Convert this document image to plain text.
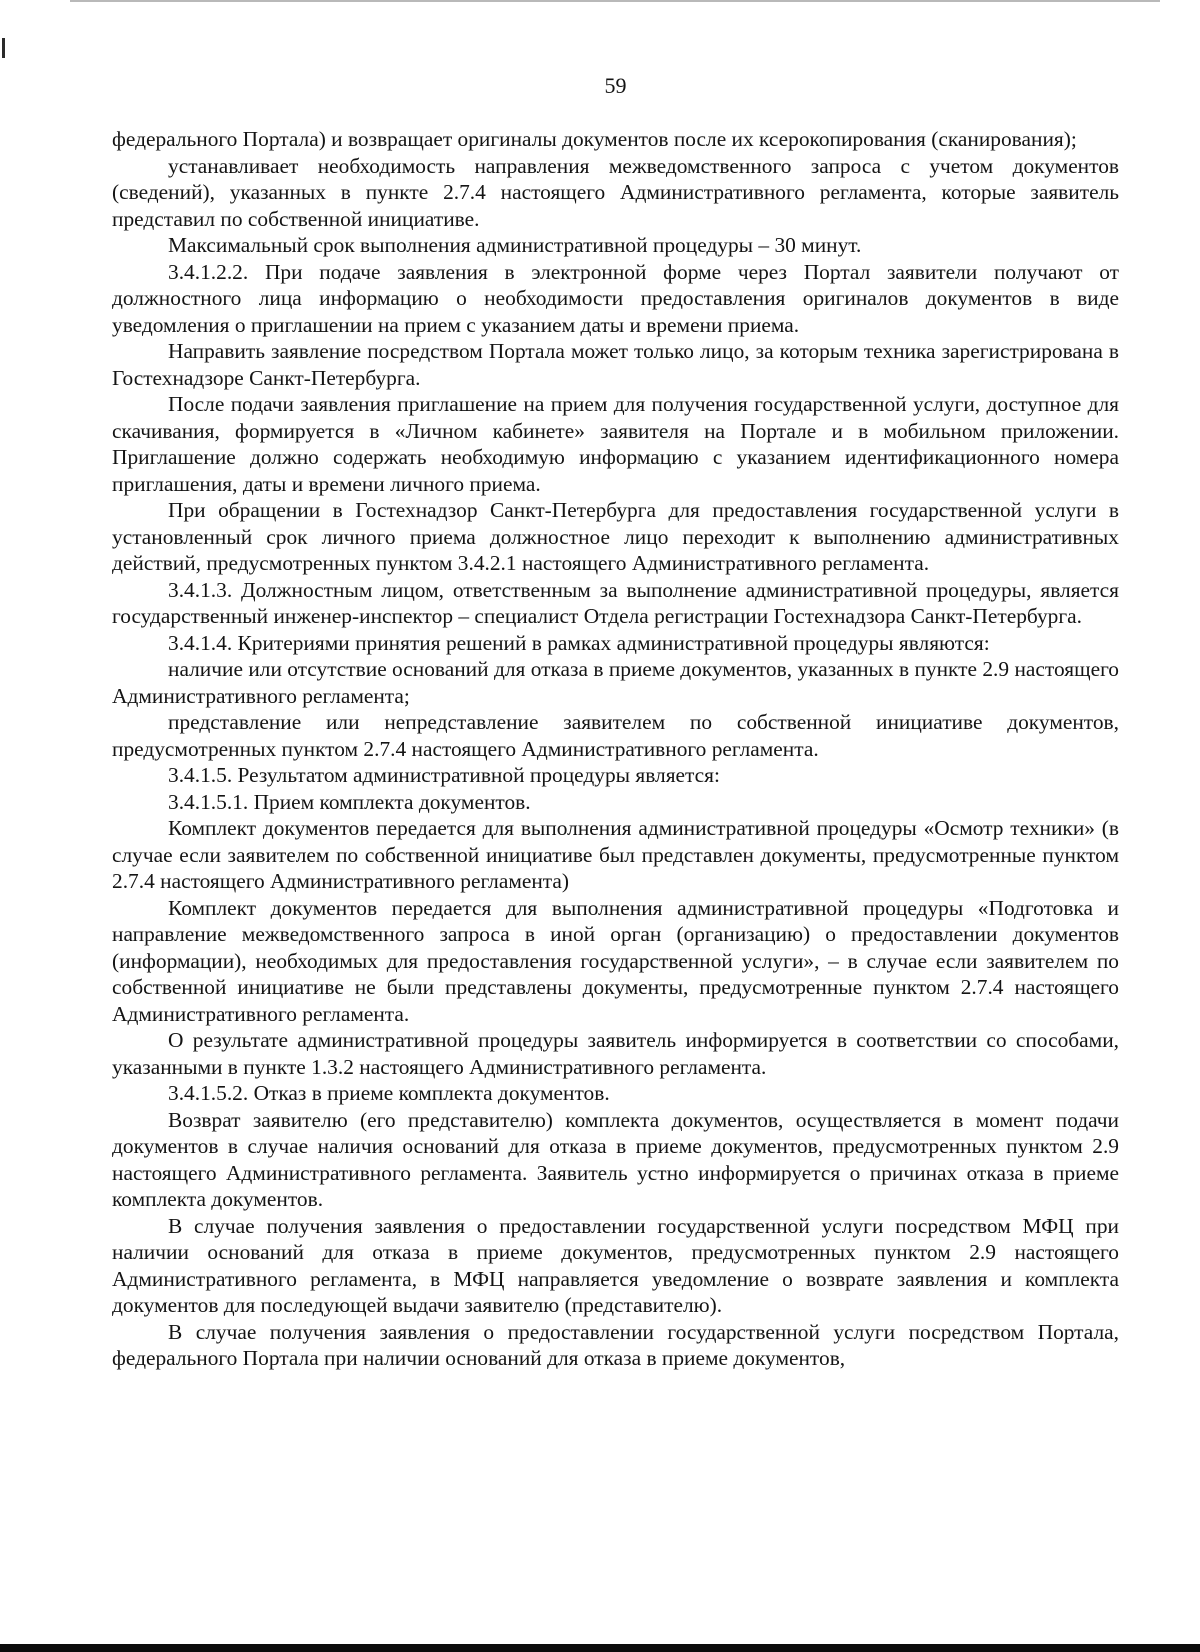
59

федерального Портала) и возвращает оригиналы документов после их ксерокопирования (сканирования);

устанавливает необходимость направления межведомственного запроса с учетом документов (сведений), указанных в пункте 2.7.4 настоящего Административного регламента, которые заявитель представил по собственной инициативе.

Максимальный срок выполнения административной процедуры – 30 минут.

3.4.1.2.2. При подаче заявления в электронной форме через Портал заявители получают от должностного лица информацию о необходимости предоставления оригиналов документов в виде уведомления о приглашении на прием с указанием даты и времени приема.

Направить заявление посредством Портала может только лицо, за которым техника зарегистрирована в Гостехнадзоре Санкт-Петербурга.

После подачи заявления приглашение на прием для получения государственной услуги, доступное для скачивания, формируется в «Личном кабинете» заявителя на Портале и в мобильном приложении. Приглашение должно содержать необходимую информацию с указанием идентификационного номера приглашения, даты и времени личного приема.

При обращении в Гостехнадзор Санкт-Петербурга для предоставления государственной услуги в установленный срок личного приема должностное лицо переходит к выполнению административных действий, предусмотренных пунктом 3.4.2.1 настоящего Административного регламента.

3.4.1.3. Должностным лицом, ответственным за выполнение административной процедуры, является государственный инженер-инспектор – специалист Отдела регистрации Гостехнадзора Санкт-Петербурга.

3.4.1.4. Критериями принятия решений в рамках административной процедуры являются:

наличие или отсутствие оснований для отказа в приеме документов, указанных в пункте 2.9 настоящего Административного регламента;

представление или непредставление заявителем по собственной инициативе документов, предусмотренных пунктом 2.7.4 настоящего Административного регламента.

3.4.1.5. Результатом административной процедуры является:

3.4.1.5.1. Прием комплекта документов.

Комплект документов передается для выполнения административной процедуры «Осмотр техники» (в случае если заявителем по собственной инициативе был представлен документы, предусмотренные пунктом 2.7.4 настоящего Административного регламента)

Комплект документов передается для выполнения административной процедуры «Подготовка и направление межведомственного запроса в иной орган (организацию) о предоставлении документов (информации), необходимых для предоставления государственной услуги», – в случае если заявителем по собственной инициативе не были представлены документы, предусмотренные пунктом 2.7.4 настоящего Административного регламента.

О результате административной процедуры заявитель информируется в соответствии со способами, указанными в пункте 1.3.2 настоящего Административного регламента.

3.4.1.5.2. Отказ в приеме комплекта документов.

Возврат заявителю (его представителю) комплекта документов, осуществляется в момент подачи документов в случае наличия оснований для отказа в приеме документов, предусмотренных пунктом 2.9 настоящего Административного регламента. Заявитель устно информируется о причинах отказа в приеме комплекта документов.

В случае получения заявления о предоставлении государственной услуги посредством МФЦ при наличии оснований для отказа в приеме документов, предусмотренных пунктом 2.9 настоящего Административного регламента, в МФЦ направляется уведомление о возврате заявления и комплекта документов для последующей выдачи заявителю (представителю).

В случае получения заявления о предоставлении государственной услуги посредством Портала, федерального Портала при наличии оснований для отказа в приеме документов,
